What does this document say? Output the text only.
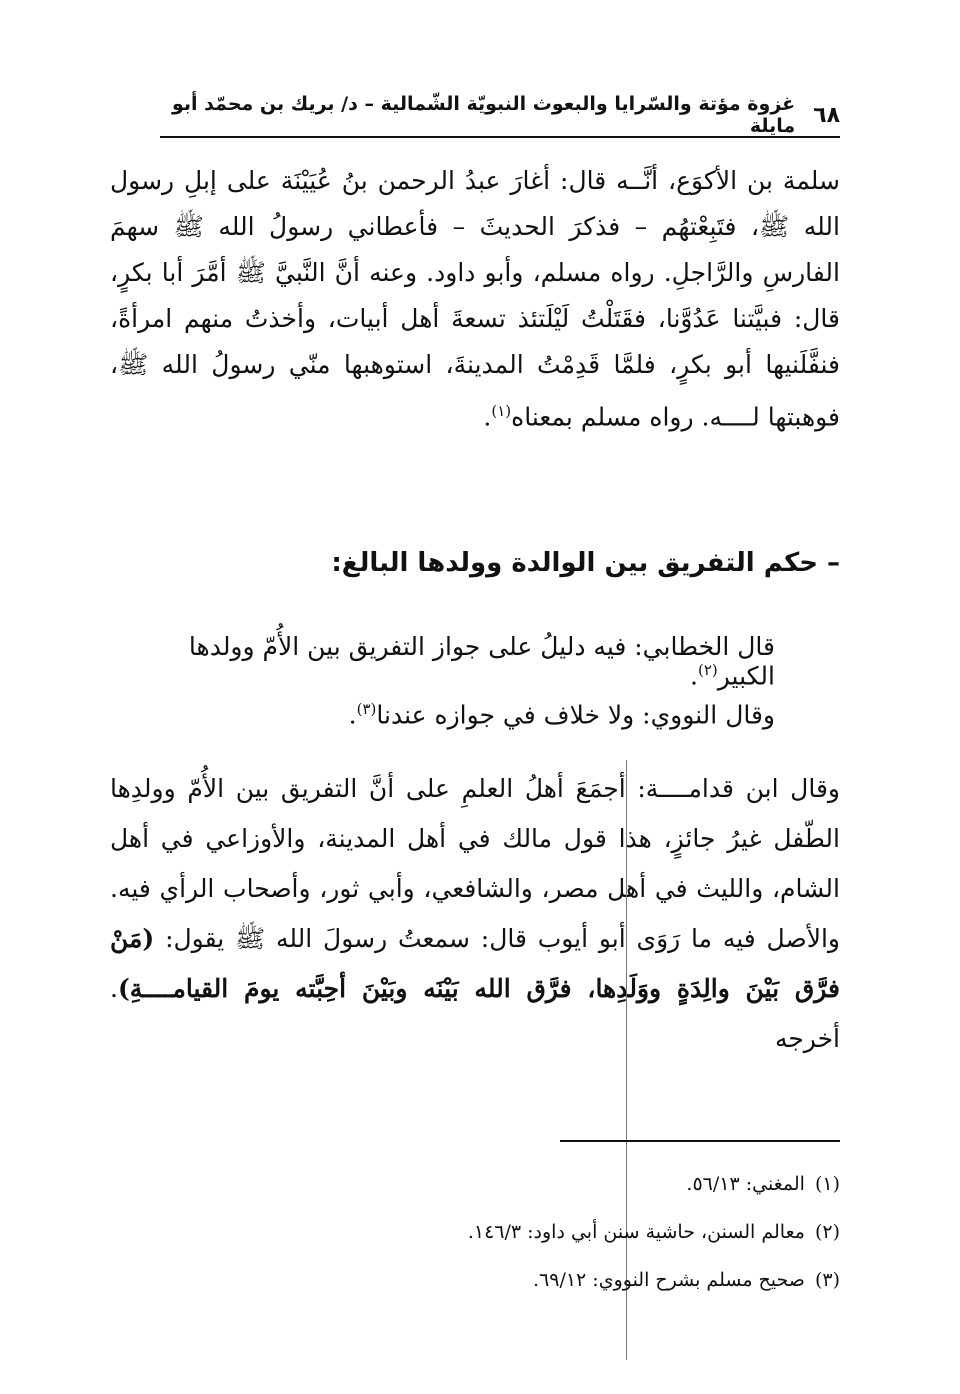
٦٨
غزوة مؤتة والسّرايا والبعوث النبويّة الشّمالية – د/ بريك بن محمّد أبو مايلة

سلمة بن الأكوَع، أنَّــه قال: أغارَ عبدُ الرحمن بنُ عُيَيْنَة على إبلِ رسول الله ﷺ، فتَبِعْتهُم – فذكرَ الحديثَ – فأعطاني رسولُ الله ﷺ سهمَ الفارسِ والرَّاجلِ. رواه مسلم، وأبو داود. وعنه أنَّ النَّبيَّ ﷺ أمَّرَ أبا بكرٍ، قال: فبيَّتنا عَدُوَّنا، فقَتَلْتُ لَيْلَتئذ تسعةَ أهل أبيات، وأخذتُ منهم امرأةً، فنفَّلَنيها أبو بكرٍ، فلمَّا قَدِمْتُ المدينةَ، استوهبها منّي رسولُ الله ﷺ، فوهبتها لــــه. رواه مسلم بمعناه$^{(١)}$.

– حكم التفريق بين الوالدة وولدها البالغ:
قال الخطابي: فيه دليلُ على جواز التفريق بين الأُمّ وولدها الكبير$^{(٢)}$.
وقال النووي: ولا خلاف في جوازه عندنا$^{(٣)}$.

وقال ابن قدامــــة: أجمَعَ أهلُ العلمِ على أنَّ التفريق بين الأُمّ وولدِها الطّفل غيرُ جائزٍ، هذا قول مالك في أهل المدينة، والأوزاعي في أهل الشام، والليث في أهل مصر، والشافعي، وأبي ثور، وأصحاب الرأي فيه. والأصل فيه ما رَوَى أبو أيوب قال: سمعتُ رسولَ الله ﷺ يقول: (مَنْ فرَّق بَيْنَ والِدَةٍ ووَلَدِها، فرَّق الله بَيْنَه وبَيْنَ أحِبَّته يومَ القيامــــةِ). أخرجه

(١)
المغني: ٥٦/١٣.
(٢)
معالم السنن، حاشية سنن أبي داود: ١٤٦/٣.
(٣)
صحيح مسلم بشرح النووي: ٦٩/١٢.
